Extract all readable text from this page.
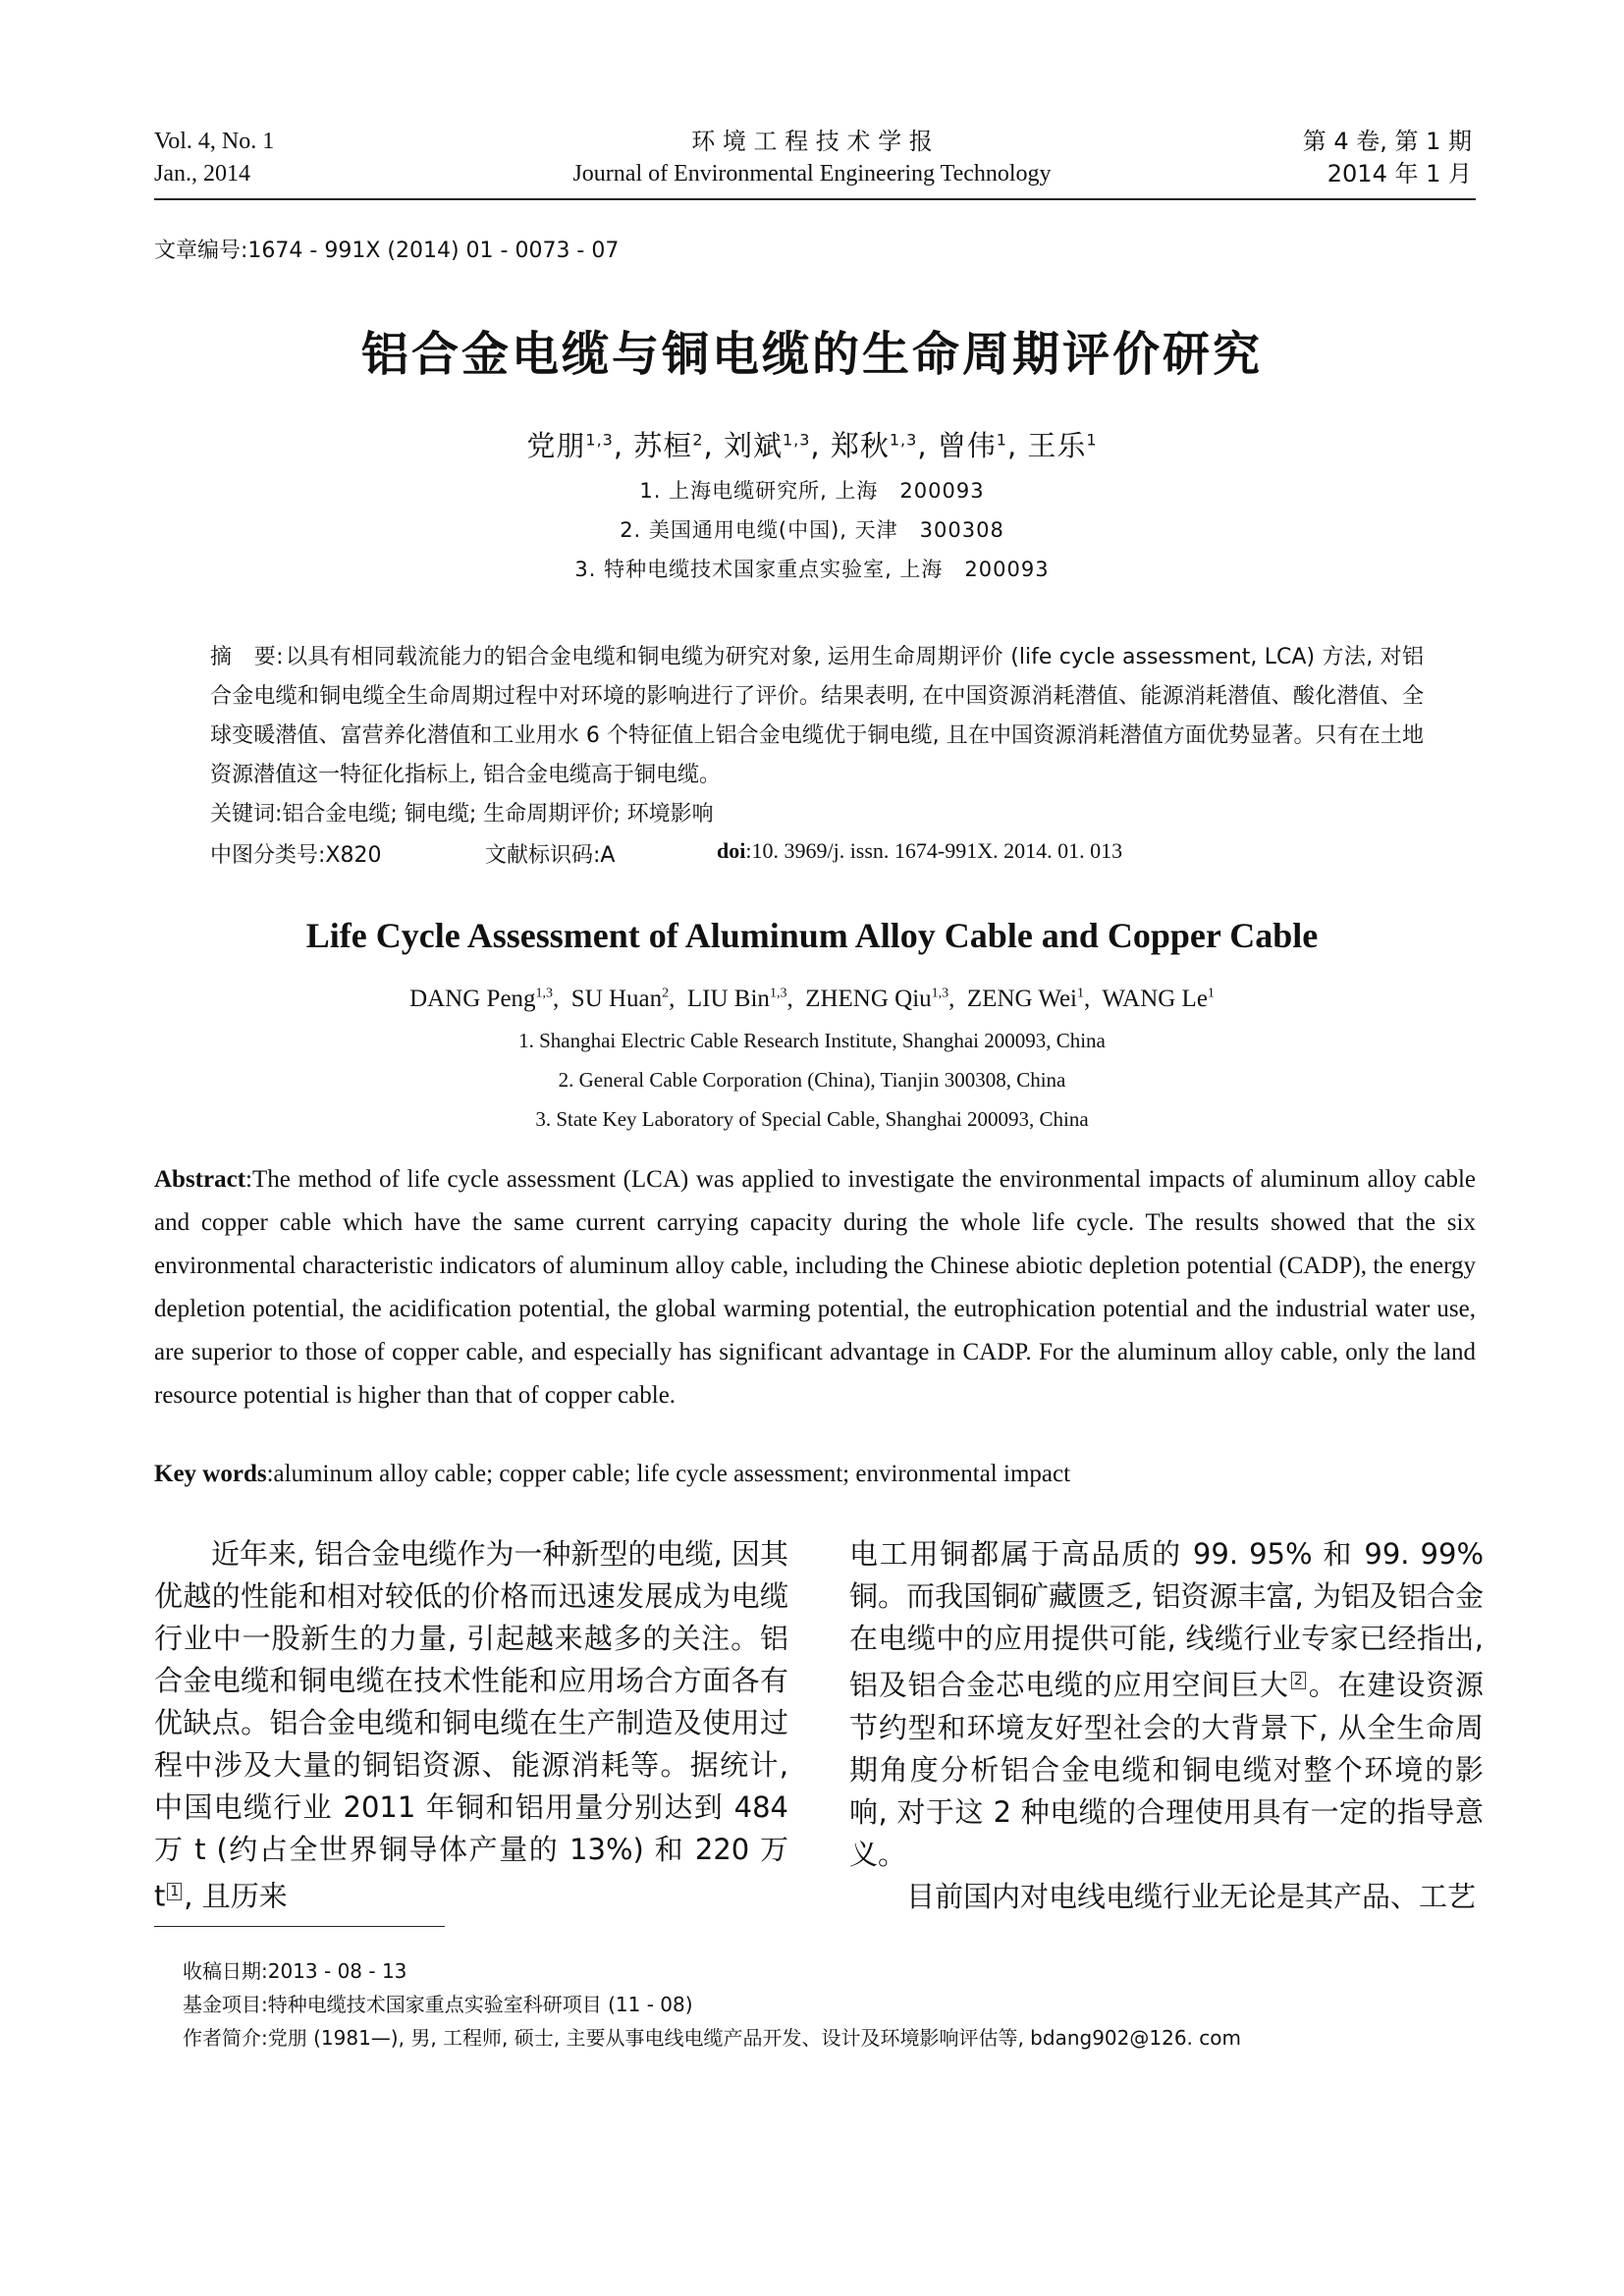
Vol. 4, No. 1
Jan., 2014
环 境 工 程 技 术 学 报
Journal of Environmental Engineering Technology
第 4 卷, 第 1 期
2014 年 1 月
文章编号:1674 - 991X (2014) 01 - 0073 - 07
铝合金电缆与铜电缆的生命周期评价研究
党朋$^{1,3}$, 苏桓$^2$, 刘斌$^{1,3}$, 郑秋$^{1,3}$, 曾伟$^1$, 王乐$^1$
1. 上海电缆研究所, 上海　200093
2. 美国通用电缆(中国), 天津　300308
3. 特种电缆技术国家重点实验室, 上海　200093
摘　要:以具有相同载流能力的铝合金电缆和铜电缆为研究对象, 运用生命周期评价 (life cycle assessment, LCA) 方法, 对铝合金电缆和铜电缆全生命周期过程中对环境的影响进行了评价。结果表明, 在中国资源消耗潜值、能源消耗潜值、酸化潜值、全球变暖潜值、富营养化潜值和工业用水 6 个特征值上铝合金电缆优于铜电缆, 且在中国资源消耗潜值方面优势显著。只有在土地资源潜值这一特征化指标上, 铝合金电缆高于铜电缆。
关键词:铝合金电缆; 铜电缆; 生命周期评价; 环境影响
中图分类号:X820	文献标识码:A	doi:10. 3969/j. issn. 1674-991X. 2014. 01. 013
Life Cycle Assessment of Aluminum Alloy Cable and Copper Cable
DANG Peng$^{1,3}$,  SU Huan$^2$,  LIU Bin$^{1,3}$,  ZHENG Qiu$^{1,3}$,  ZENG Wei$^1$,  WANG Le$^1$
1. Shanghai Electric Cable Research Institute, Shanghai 200093, China
2. General Cable Corporation (China), Tianjin 300308, China
3. State Key Laboratory of Special Cable, Shanghai 200093, China
Abstract:The method of life cycle assessment (LCA) was applied to investigate the environmental impacts of aluminum alloy cable and copper cable which have the same current carrying capacity during the whole life cycle. The results showed that the six environmental characteristic indicators of aluminum alloy cable, including the Chinese abiotic depletion potential (CADP), the energy depletion potential, the acidification potential, the global warming potential, the eutrophication potential and the industrial water use, are superior to those of copper cable, and especially has significant advantage in CADP. For the aluminum alloy cable, only the land resource potential is higher than that of copper cable.
Key words:aluminum alloy cable; copper cable; life cycle assessment; environmental impact
近年来, 铝合金电缆作为一种新型的电缆, 因其优越的性能和相对较低的价格而迅速发展成为电缆行业中一股新生的力量, 引起越来越多的关注。铝合金电缆和铜电缆在技术性能和应用场合方面各有优缺点。铝合金电缆和铜电缆在生产制造及使用过程中涉及大量的铜铝资源、能源消耗等。据统计, 中国电缆行业 2011 年铜和铝用量分别达到 484 万 t (约占全世界铜导体产量的 13%) 和 220 万 t $^1$ , 且历来
电工用铜都属于高品质的 99. 95% 和 99. 99% 铜。而我国铜矿藏匮乏, 铝资源丰富, 为铝及铝合金在电缆中的应用提供可能, 线缆行业专家已经指出, 铝及铝合金芯电缆的应用空间巨大 $^2$ 。在建设资源节约型和环境友好型社会的大背景下, 从全生命周期角度分析铝合金电缆和铜电缆对整个环境的影响, 对于这 2 种电缆的合理使用具有一定的指导意义。
目前国内对电线电缆行业无论是其产品、工艺
收稿日期:2013 - 08 - 13
基金项目:特种电缆技术国家重点实验室科研项目 (11 - 08)
作者简介:党朋 (1981—), 男, 工程师, 硕士, 主要从事电线电缆产品开发、设计及环境影响评估等, bdang902@126. com
